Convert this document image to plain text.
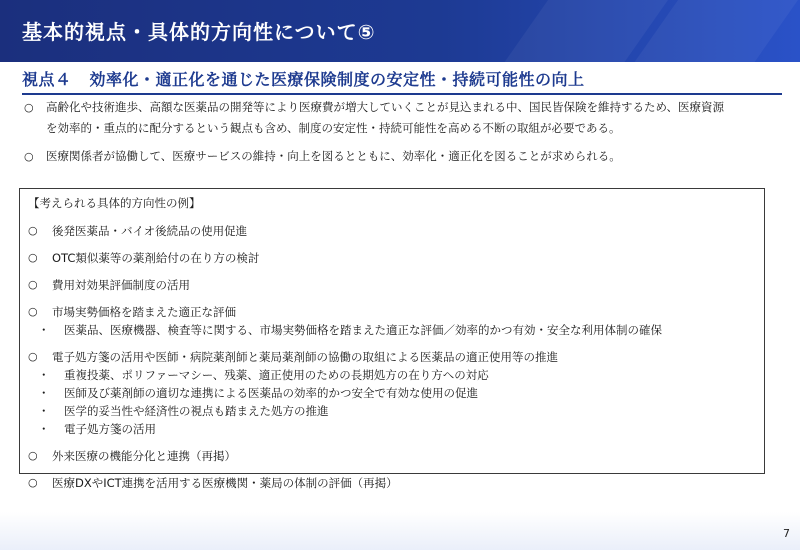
基本的視点・具体的方向性について⑤
視点４ 効率化・適正化を通じた医療保険制度の安定性・持続可能性の向上
○ 高齢化や技術進歩、高額な医薬品の開発等により医療費が増大していくことが見込まれる中、国民皆保険を維持するため、医療資源
を効率的・重点的に配分するという観点も含め、制度の安定性・持続可能性を高める不断の取組が必要である。
○ 医療関係者が協働して、医療サービスの維持・向上を図るとともに、効率化・適正化を図ることが求められる。
【考えられる具体的方向性の例】
○ 後発医薬品・バイオ後続品の使用促進
○ OTC類似薬等の薬剤給付の在り方の検討
○ 費用対効果評価制度の活用
○ 市場実勢価格を踏まえた適正な評価
・ 医薬品、医療機器、検査等に関する、市場実勢価格を踏まえた適正な評価／効率的かつ有効・安全な利用体制の確保
○ 電子処方箋の活用や医師・病院薬剤師と薬局薬剤師の協働の取組による医薬品の適正使用等の推進
・ 重複投薬、ポリファーマシー、残薬、適正使用のための長期処方の在り方への対応
・ 医師及び薬剤師の適切な連携による医薬品の効率的かつ安全で有効な使用の促進
・ 医学的妥当性や経済性の視点も踏まえた処方の推進
・ 電子処方箋の活用
○ 外来医療の機能分化と連携（再掲）
○ 医療DXやICT連携を活用する医療機関・薬局の体制の評価（再掲）
7
